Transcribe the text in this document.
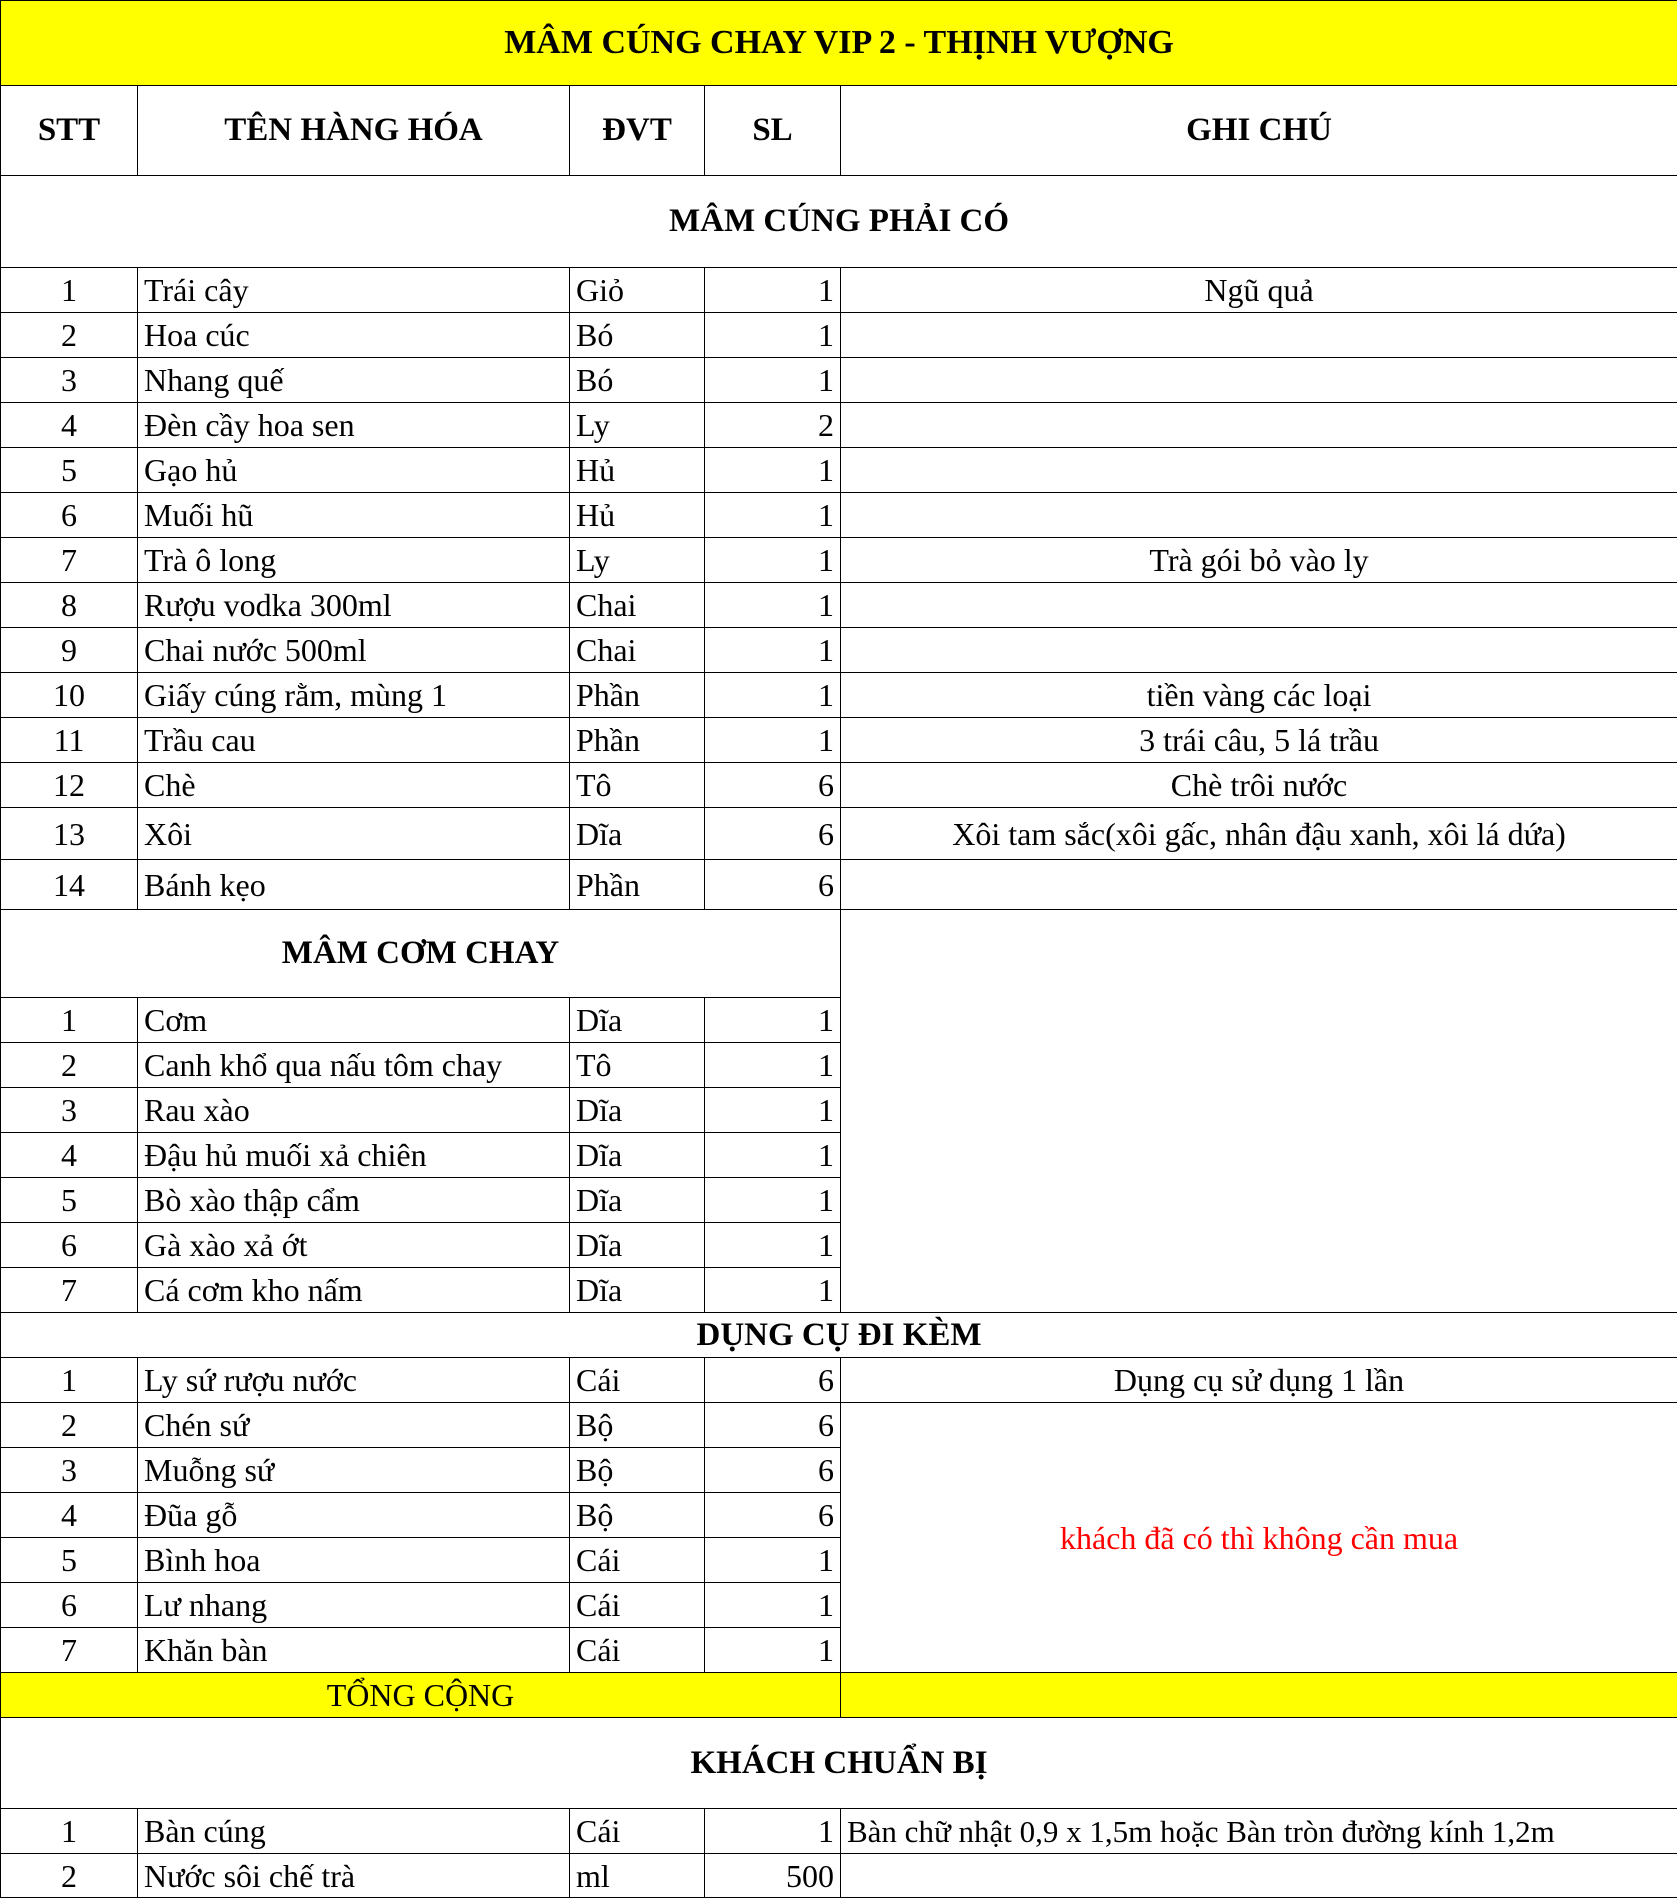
MÂM CÚNG CHAY VIP 2 - THỊNH VƯỢNG				
STT	TÊN HÀNG HÓA	ĐVT	SL	GHI CHÚ
MÂM CÚNG PHẢI CÓ				
1	Trái cây	Giỏ	1	Ngũ quả
2	Hoa cúc	Bó	1	
3	Nhang quế	Bó	1	
4	Đèn cầy hoa sen	Ly	2	
5	Gạo hủ	Hủ	1	
6	Muối hũ	Hủ	1	
7	Trà ô long	Ly	1	Trà gói bỏ vào ly
8	Rượu vodka 300ml	Chai	1	
9	Chai nước 500ml	Chai	1	
10	Giấy cúng rằm, mùng 1	Phần	1	tiền vàng các loại
11	Trầu cau	Phần	1	3 trái câu, 5 lá trầu
12	Chè	Tô	6	Chè trôi nước
13	Xôi	Dĩa	6	Xôi tam sắc(xôi gấc, nhân đậu xanh, xôi lá dứa)
14	Bánh kẹo	Phần	6	
MÂM CƠM CHAY				
1	Cơm	Dĩa	1	
2	Canh khổ qua nấu tôm chay	Tô	1	
3	Rau xào	Dĩa	1	
4	Đậu hủ muối xả chiên	Dĩa	1	
5	Bò xào thập cẩm	Dĩa	1	
6	Gà xào xả ớt	Dĩa	1	
7	Cá cơm kho nấm	Dĩa	1	
DỤNG CỤ ĐI KÈM				
1	Ly sứ rượu nước	Cái	6	Dụng cụ sử dụng 1 lần
2	Chén sứ	Bộ	6	khách đã có thì không cần mua
3	Muỗng sứ	Bộ	6	
4	Đũa gỗ	Bộ	6	
5	Bình hoa	Cái	1	
6	Lư nhang	Cái	1	
7	Khăn bàn	Cái	1	
TỔNG CỘNG				
KHÁCH CHUẨN BỊ				
1	Bàn cúng	Cái	1	Bàn chữ nhật 0,9 x 1,5m hoặc Bàn tròn đường kính 1,2m
2	Nước sôi chế trà	ml	500	
